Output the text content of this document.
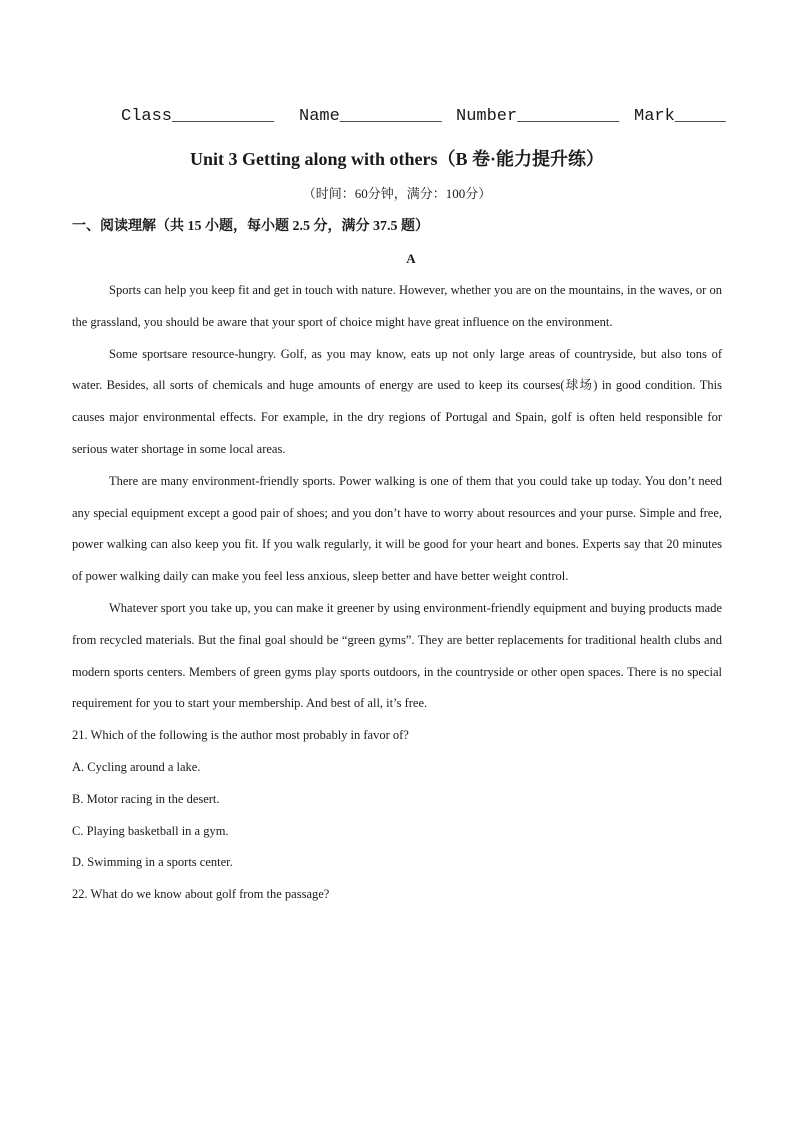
Class__________ Name__________ Number__________ Mark_____
Unit 3 Getting along with others（B 卷·能力提升练）
（时间：60分钟，满分：100分）
一、阅读理解（共 15 小题，每小题 2.5 分，满分 37.5 题）
A

Sports can help you keep fit and get in touch with nature. However, whether you are on the mountains, in the waves, or on the grassland, you should be aware that your sport of choice might have great influence on the environment.

Some sportsare resource-hungry. Golf, as you may know, eats up not only large areas of countryside, but also tons of water. Besides, all sorts of chemicals and huge amounts of energy are used to keep its courses(球场) in good condition. This causes major environmental effects. For example, in the dry regions of Portugal and Spain, golf is often held responsible for serious water shortage in some local areas.

There are many environment-friendly sports. Power walking is one of them that you could take up today. You don’t need any special equipment except a good pair of shoes; and you don’t have to worry about resources and your purse. Simple and free, power walking can also keep you fit. If you walk regularly, it will be good for your heart and bones. Experts say that 20 minutes of power walking daily can make you feel less anxious, sleep better and have better weight control.

Whatever sport you take up, you can make it greener by using environment-friendly equipment and buying products made from recycled materials. But the final goal should be “green gyms”. They are better replacements for traditional health clubs and modern sports centers. Members of green gyms play sports outdoors, in the countryside or other open spaces. There is no special requirement for you to start your membership. And best of all, it’s free.

21. Which of the following is the author most probably in favor of?
A. Cycling around a lake.
B. Motor racing in the desert.
C. Playing basketball in a gym.
D. Swimming in a sports center.
22. What do we know about golf from the passage?
